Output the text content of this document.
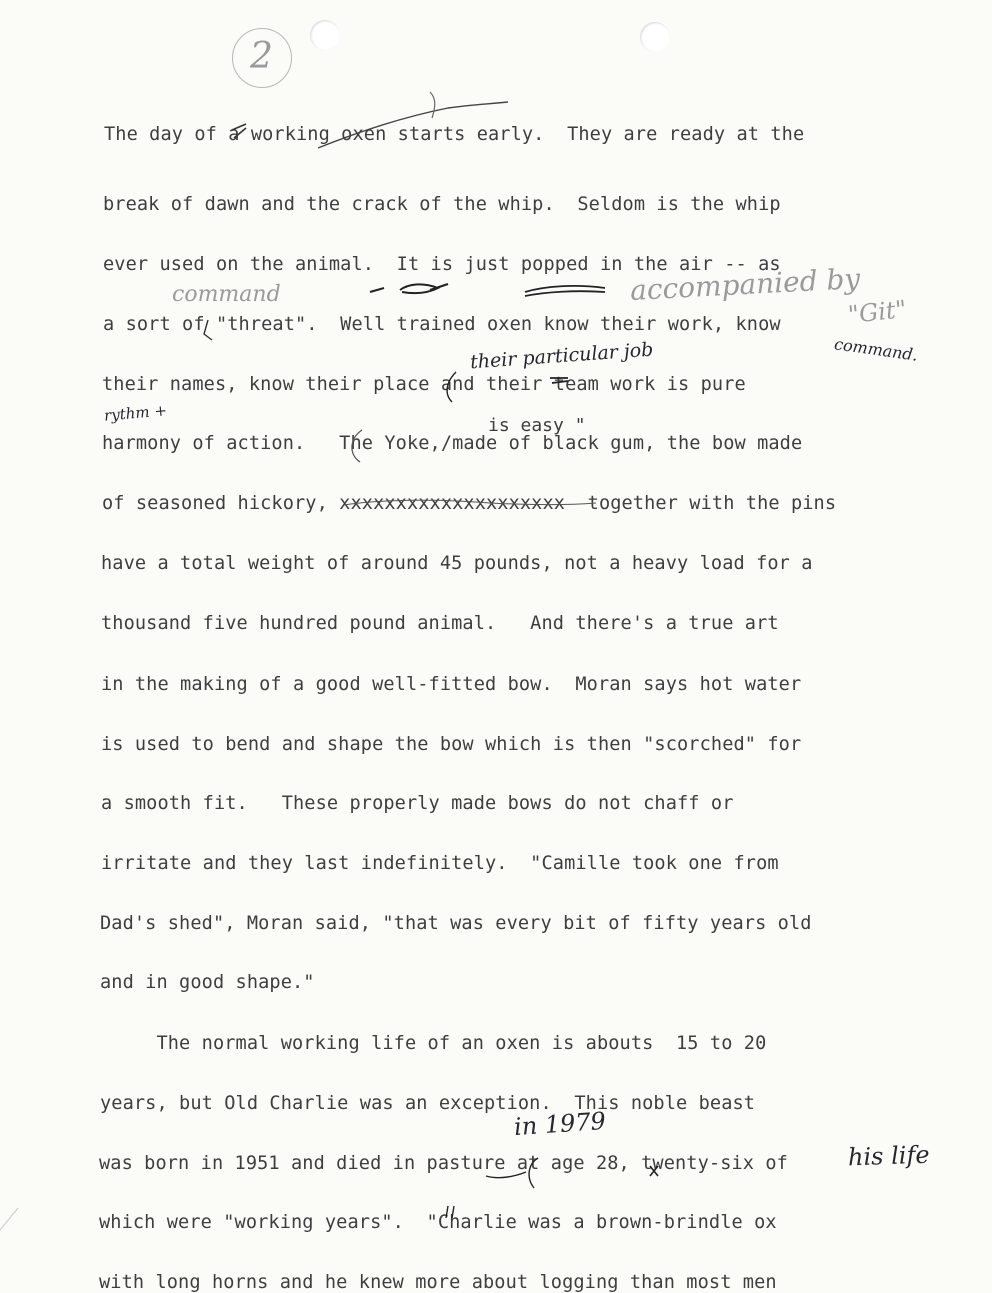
2
The day of a working oxen starts early.  They are ready at the
break of dawn and the crack of the whip.  Seldom is the whip
ever used on the animal.  It is just popped in the air -- as
a sort of "threat".  Well trained oxen know their work, know
their names, know their place and their team work is pure
harmony of action.   The Yoke,/made of black gum, the bow made
of seasoned hickory, xxxxxxxxxxxxxxxxxxxx  together with the pins
have a total weight of around 45 pounds, not a heavy load for a
thousand five hundred pound animal.   And there's a true art
in the making of a good well-fitted bow.  Moran says hot water
is used to bend and shape the bow which is then "scorched" for
a smooth fit.   These properly made bows do not chaff or
irritate and they last indefinitely.  "Camille took one from
Dad's shed", Moran said, "that was every bit of fifty years old
and in good shape."
The normal working life of an oxen is abouts  15 to 20
years, but Old Charlie was an exception.  This noble beast
was born in 1951 and died in pasture at age 28, twenty-six of
which were "working years".  "Charlie was a brown-brindle ox
with long horns and he knew more about logging than most men
is easy "
their particular job
rythm +
command	accompanied by
"Git"
command.
in 1979
his life
